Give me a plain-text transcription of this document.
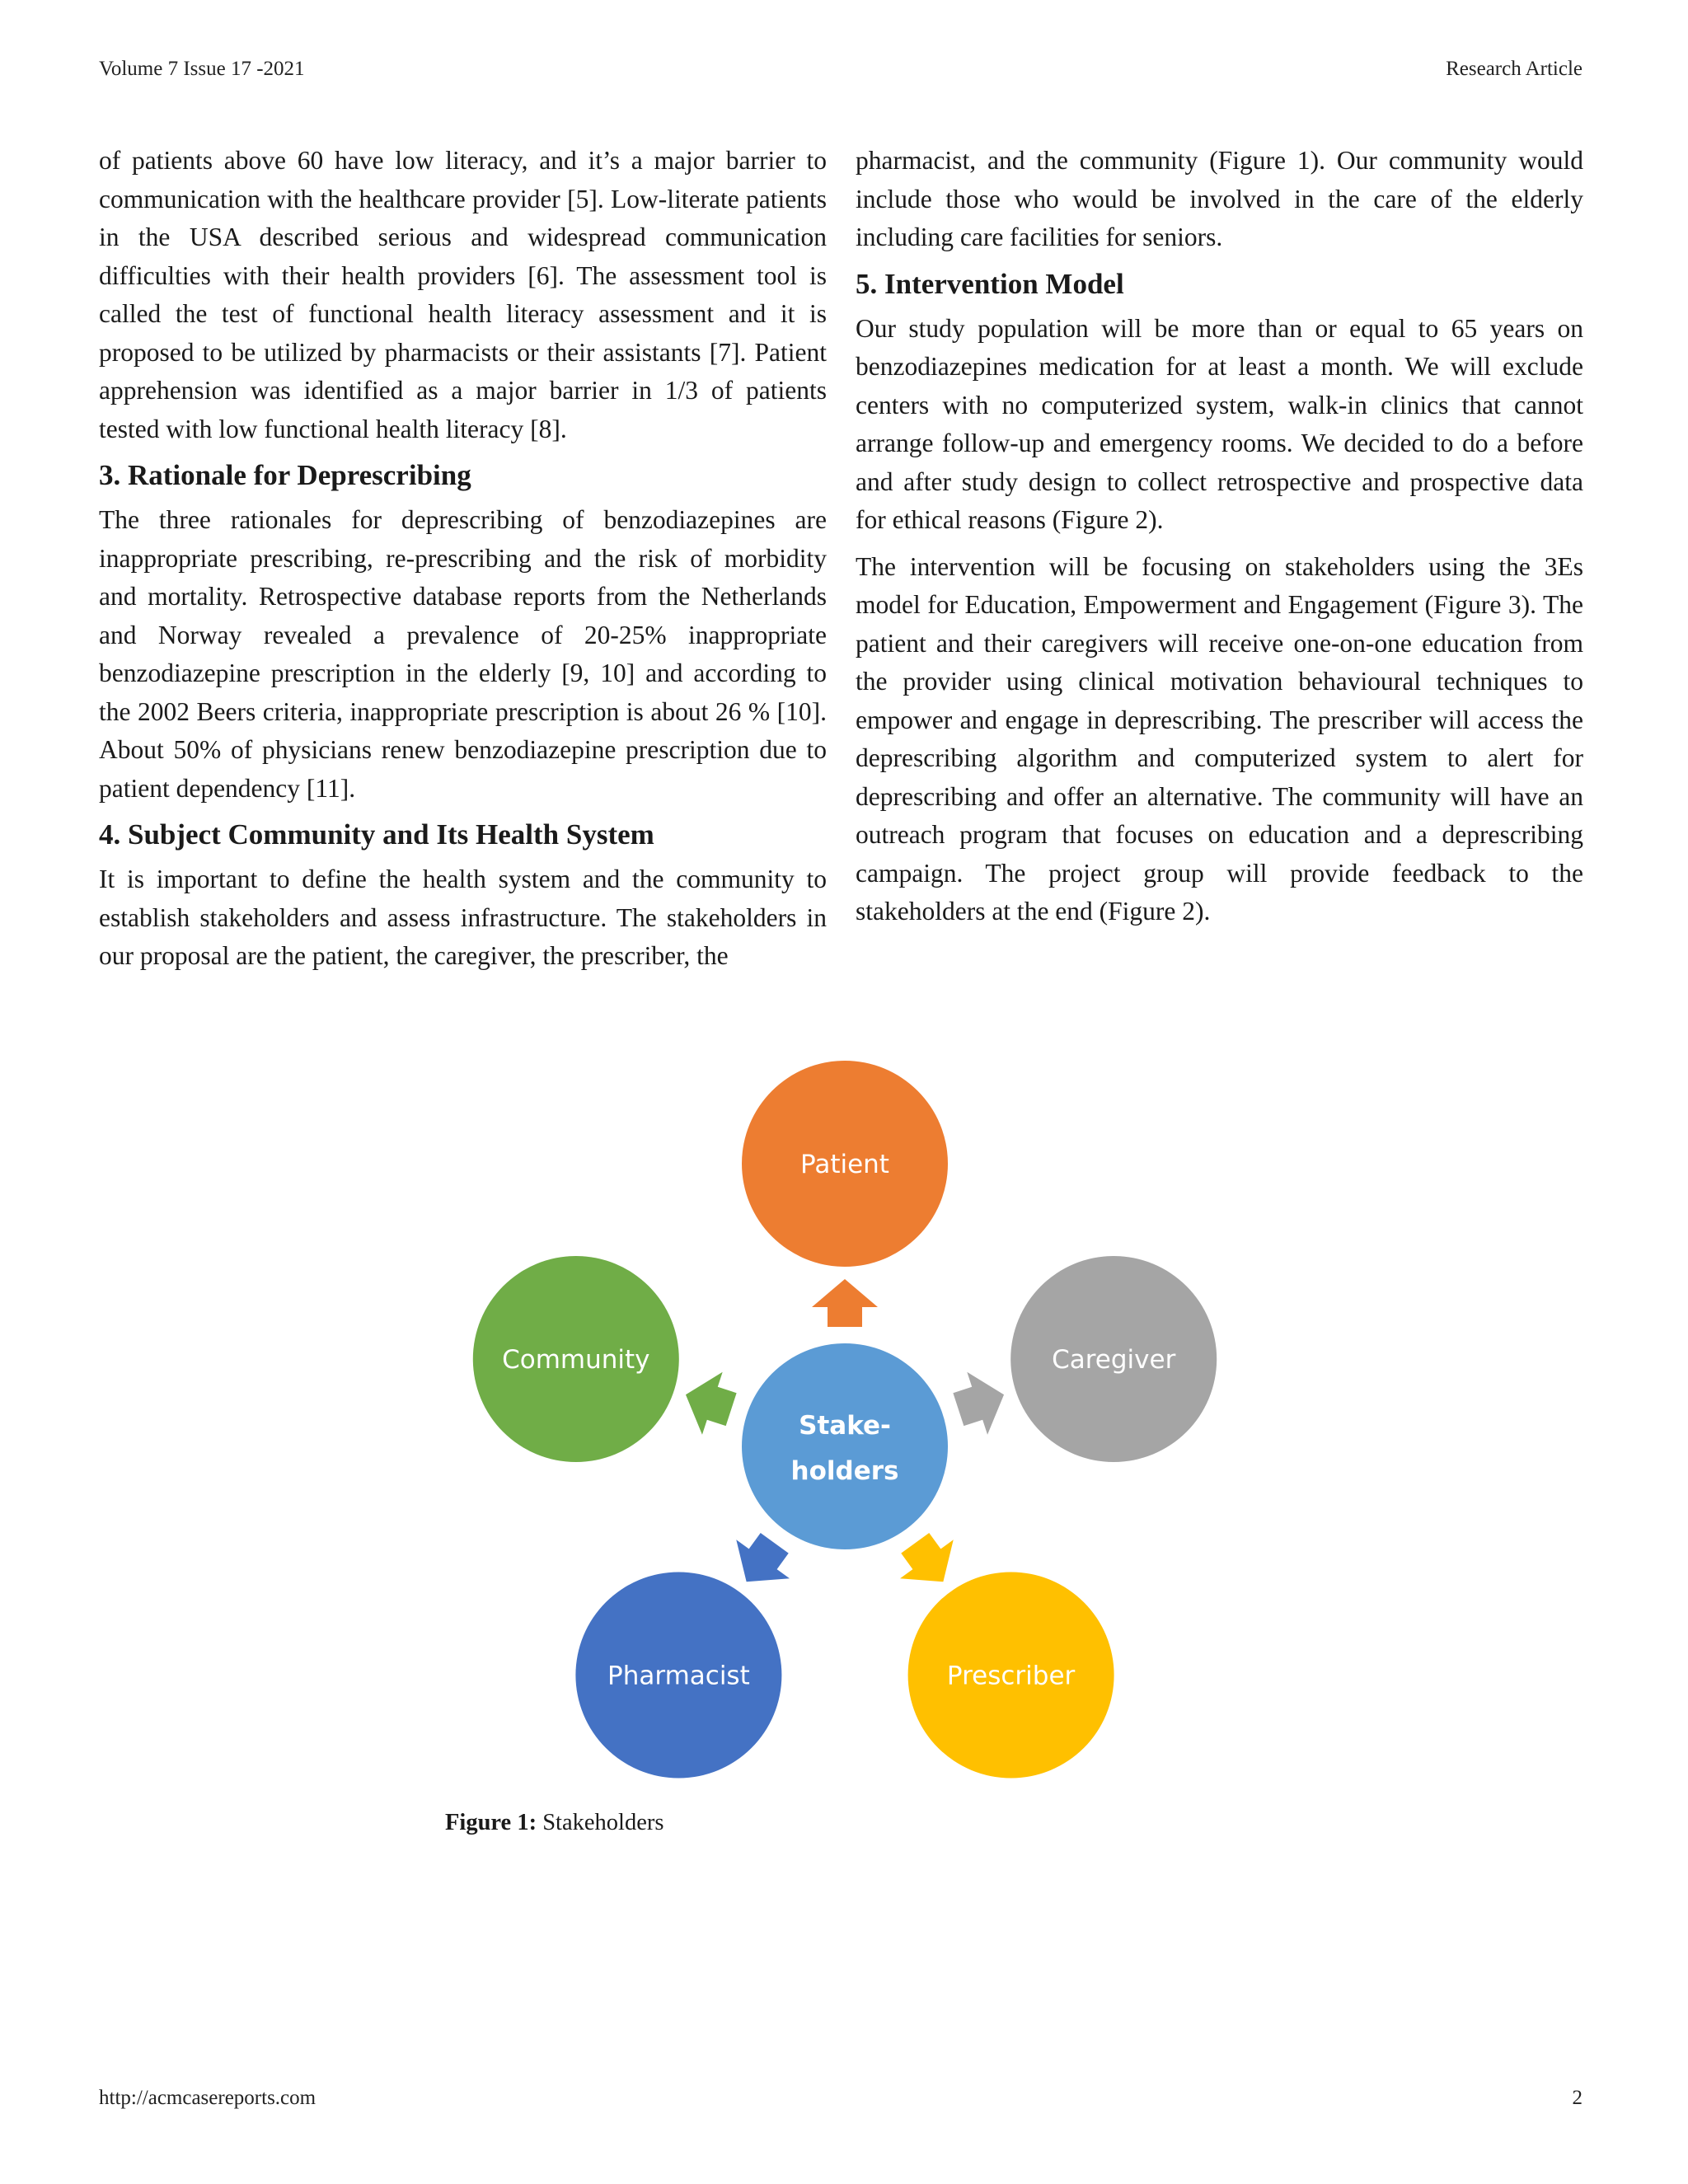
Volume 7 Issue 17 -2021	Research Article

of patients above 60 have low literacy, and it’s a major barrier to communication with the healthcare provider [5]. Low-literate patients in the USA described serious and widespread communication difficulties with their health providers [6]. The assessment tool is called the test of functional health literacy assessment and it is proposed to be utilized by pharmacists or their assistants [7]. Patient apprehension was identified as a major barrier in 1/3 of patients tested with low functional health literacy [8].

3. Rationale for Deprescribing

The three rationales for deprescribing of benzodiazepines are inappropriate prescribing, re-prescribing and the risk of morbidity and mortality. Retrospective database reports from the Netherlands and Norway revealed a prevalence of 20-25% inappropriate benzodiazepine prescription in the elderly [9, 10] and according to the 2002 Beers criteria, inappropriate prescription is about 26 % [10]. About 50% of physicians renew benzodiazepine prescription due to patient dependency [11].

4. Subject Community and Its Health System

It is important to define the health system and the community to establish stakeholders and assess infrastructure. The stakeholders in our proposal are the patient, the caregiver, the prescriber, the

pharmacist, and the community (Figure 1). Our community would include those who would be involved in the care of the elderly including care facilities for seniors.

5. Intervention Model

Our study population will be more than or equal to 65 years on benzodiazepines medication for at least a month. We will exclude centers with no computerized system, walk-in clinics that cannot arrange follow-up and emergency rooms. We decided to do a before and after study design to collect retrospective and prospective data for ethical reasons (Figure 2).

The intervention will be focusing on stakeholders using the 3Es model for Education, Empowerment and Engagement (Figure 3). The patient and their caregivers will receive one-on-one education from the provider using clinical motivation behavioural techniques to empower and engage in deprescribing. The prescriber will access the deprescribing algorithm and computerized system to alert for deprescribing and offer an alternative. The community will have an outreach program that focuses on education and a deprescribing campaign. The project group will provide feedback to the stakeholders at the end (Figure 2).

Patient
Caregiver
Prescriber
Pharmacist
Community
Stake-
holders
Figure 1: Stakeholders
http://acmcasereports.com	2
